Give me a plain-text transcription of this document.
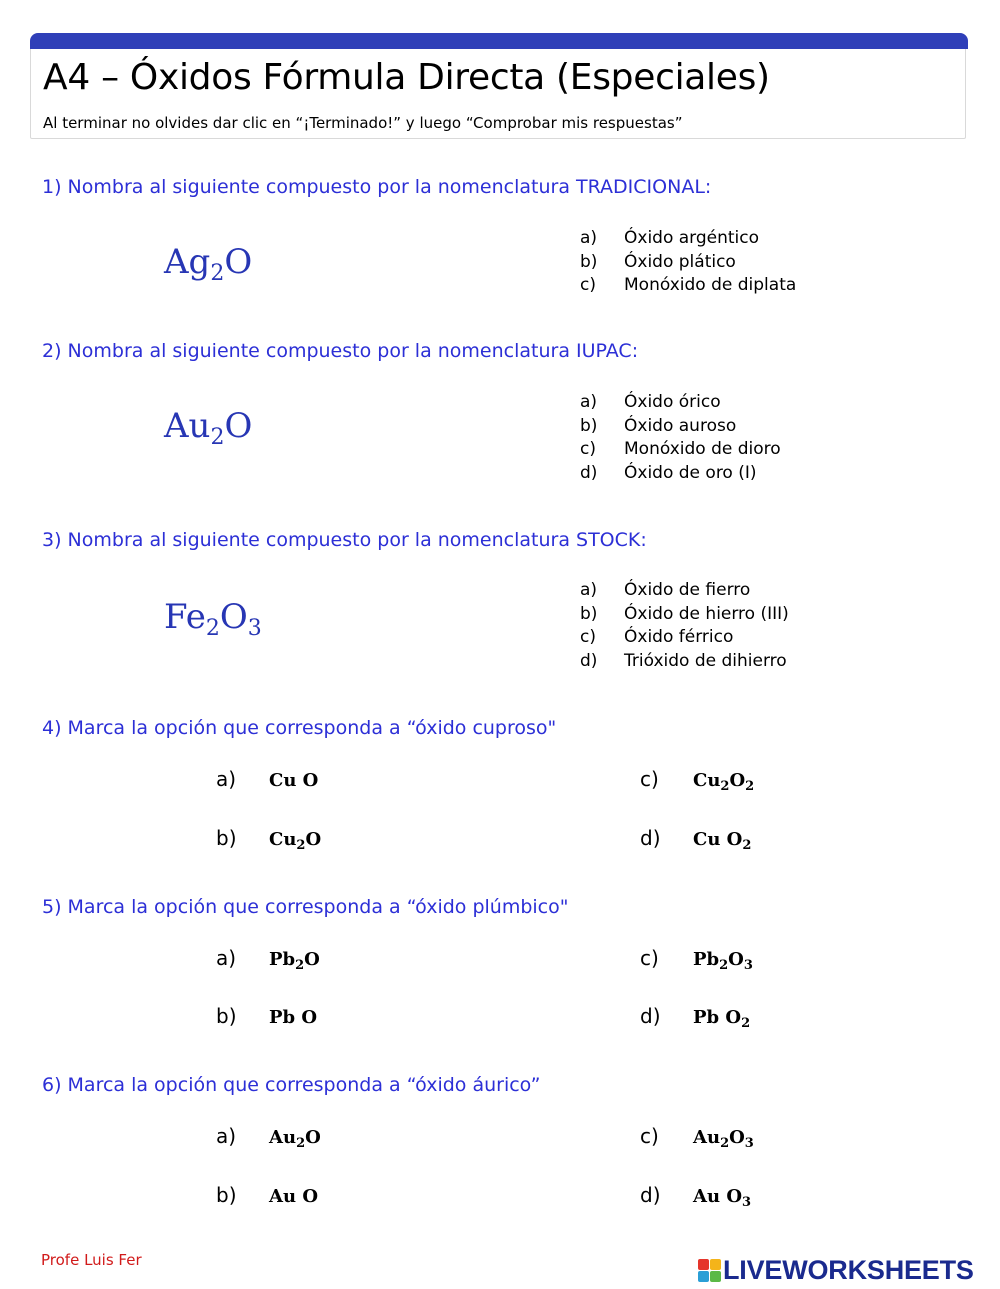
A4 – Óxidos Fórmula Directa (Especiales)
Al terminar no olvides dar clic en “¡Terminado!” y luego “Comprobar mis respuestas”
1) Nombra al siguiente compuesto por la nomenclatura TRADICIONAL:
$Ag_2O$
a) Óxido argéntico
b) Óxido plático
c) Monóxido de diplata
2) Nombra al siguiente compuesto por la nomenclatura IUPAC:
$Au_2O$
a) Óxido órico
b) Óxido auroso
c) Monóxido de dioro
d) Óxido de oro (I)
3) Nombra al siguiente compuesto por la nomenclatura STOCK:
$Fe_2O_3$
a) Óxido de fierro
b) Óxido de hierro (III)
c) Óxido férrico
d) Trióxido de dihierro
4) Marca la opción que corresponda a “óxido cuproso"
a) Cu O
b) $Cu_2O$
c) $Cu_2O_2$
d) Cu $O_2$
5) Marca la opción que corresponda a “óxido plúmbico"
a) $Pb_2O$
b) Pb O
c) $Pb_2O_3$
d) Pb $O_2$
6) Marca la opción que corresponda a “óxido áurico”
a) $Au_2O$
b) Au O
c) $Au_2O_3$
d) Au $O_3$
Profe Luis Fer	LIVEWORKSHEETS
